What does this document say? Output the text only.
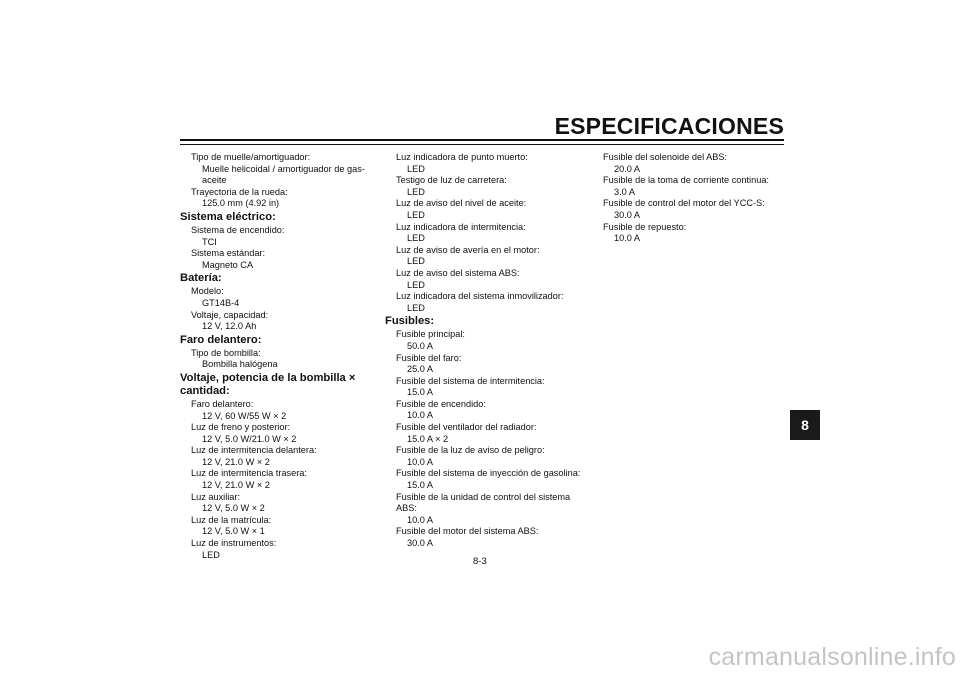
ESPECIFICACIONES
Tipo de muelle/amortiguador:
Muelle helicoidal / amortiguador de gas-
aceite
Trayectoria de la rueda:
125.0 mm (4.92 in)
Sistema eléctrico:
Sistema de encendido:
TCI
Sistema estándar:
Magneto CA
Batería:
Modelo:
GT14B-4
Voltaje, capacidad:
12 V, 12.0 Ah
Faro delantero:
Tipo de bombilla:
Bombilla halógena
Voltaje, potencia de la bombilla × cantidad:
Faro delantero:
12 V, 60 W/55 W × 2
Luz de freno y posterior:
12 V, 5.0 W/21.0 W × 2
Luz de intermitencia delantera:
12 V, 21.0 W × 2
Luz de intermitencia trasera:
12 V, 21.0 W × 2
Luz auxiliar:
12 V, 5.0 W × 2
Luz de la matrícula:
12 V, 5.0 W × 1
Luz de instrumentos:
LED
Luz indicadora de punto muerto:
LED
Testigo de luz de carretera:
LED
Luz de aviso del nivel de aceite:
LED
Luz indicadora de intermitencia:
LED
Luz de aviso de avería en el motor:
LED
Luz de aviso del sistema ABS:
LED
Luz indicadora del sistema inmovilizador:
LED
Fusibles:
Fusible principal:
50.0 A
Fusible del faro:
25.0 A
Fusible del sistema de intermitencia:
15.0 A
Fusible de encendido:
10.0 A
Fusible del ventilador del radiador:
15.0 A × 2
Fusible de la luz de aviso de peligro:
10.0 A
Fusible del sistema de inyección de gasolina:
15.0 A
Fusible de la unidad de control del sistema ABS:
10.0 A
Fusible del motor del sistema ABS:
30.0 A
Fusible del solenoide del ABS:
20.0 A
Fusible de la toma de corriente continua:
3.0 A
Fusible de control del motor del YCC-S:
30.0 A
Fusible de repuesto:
10.0 A
8
8-3
carmanualsonline.info
